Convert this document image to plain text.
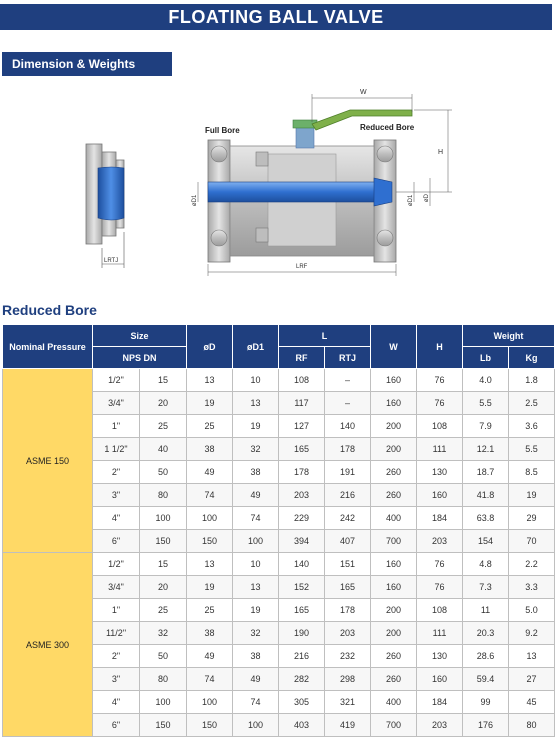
FLOATING BALL VALVE
Dimension & Weights
LRTJ
Full Bore	Reduced Bore
W
H
øD1	øD1 øD
LRF
Reduced Bore
Nominal Pressure	Size		øD	øD1	L		W	H	Weight	
	NPS DN				RF	RTJ			Lb	Kg
ASME 150	1/2"	15	13	10	108	–	160	76	4.0	1.8
	3/4"	20	19	13	117	–	160	76	5.5	2.5
	1"	25	25	19	127	140	200	108	7.9	3.6
	1 1/2"	40	38	32	165	178	200	111	12.1	5.5
	2"	50	49	38	178	191	260	130	18.7	8.5
	3"	80	74	49	203	216	260	160	41.8	19
	4"	100	100	74	229	242	400	184	63.8	29
	6"	150	150	100	394	407	700	203	154	70
ASME 300	1/2"	15	13	10	140	151	160	76	4.8	2.2
	3/4"	20	19	13	152	165	160	76	7.3	3.3
	1"	25	25	19	165	178	200	108	11	5.0
	11/2"	32	38	32	190	203	200	111	20.3	9.2
	2"	50	49	38	216	232	260	130	28.6	13
	3"	80	74	49	282	298	260	160	59.4	27
	4"	100	100	74	305	321	400	184	99	45
	6"	150	150	100	403	419	700	203	176	80
